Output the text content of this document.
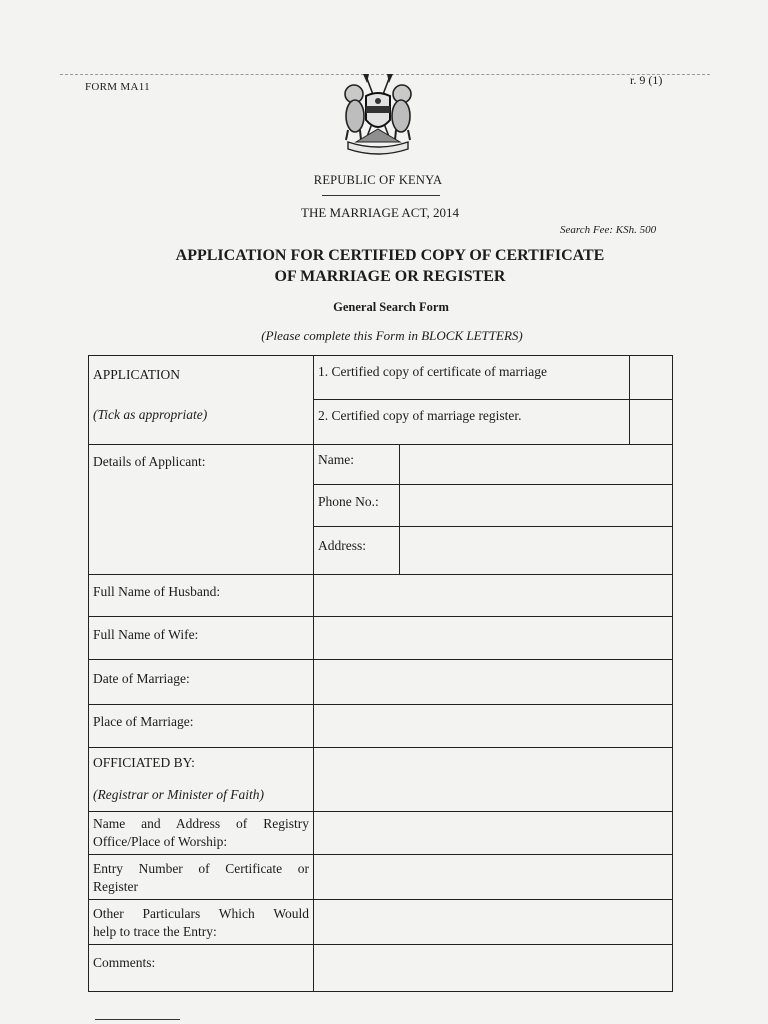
FORM MA11	r. 9 (1)
REPUBLIC OF KENYA
THE MARRIAGE ACT, 2014
Search Fee: KSh. 500
APPLICATION FOR CERTIFIED COPY OF CERTIFICATE
OF MARRIAGE OR REGISTER
General Search Form
(Please complete this Form in BLOCK LETTERS)
APPLICATION
(Tick as appropriate)
1. Certified copy of certificate of marriage
2. Certified copy of marriage register.
Details of Applicant:	Name:
Phone No.:
Address:
Full Name of Husband:
Full Name of Wife:
Date of Marriage:
Place of Marriage:
OFFICIATED BY:
(Registrar or Minister of Faith)
Name and Address of Registry
Office/Place of Worship:
Entry Number of Certificate or
Register
Other Particulars Which Would
help to trace the Entry:
Comments:
